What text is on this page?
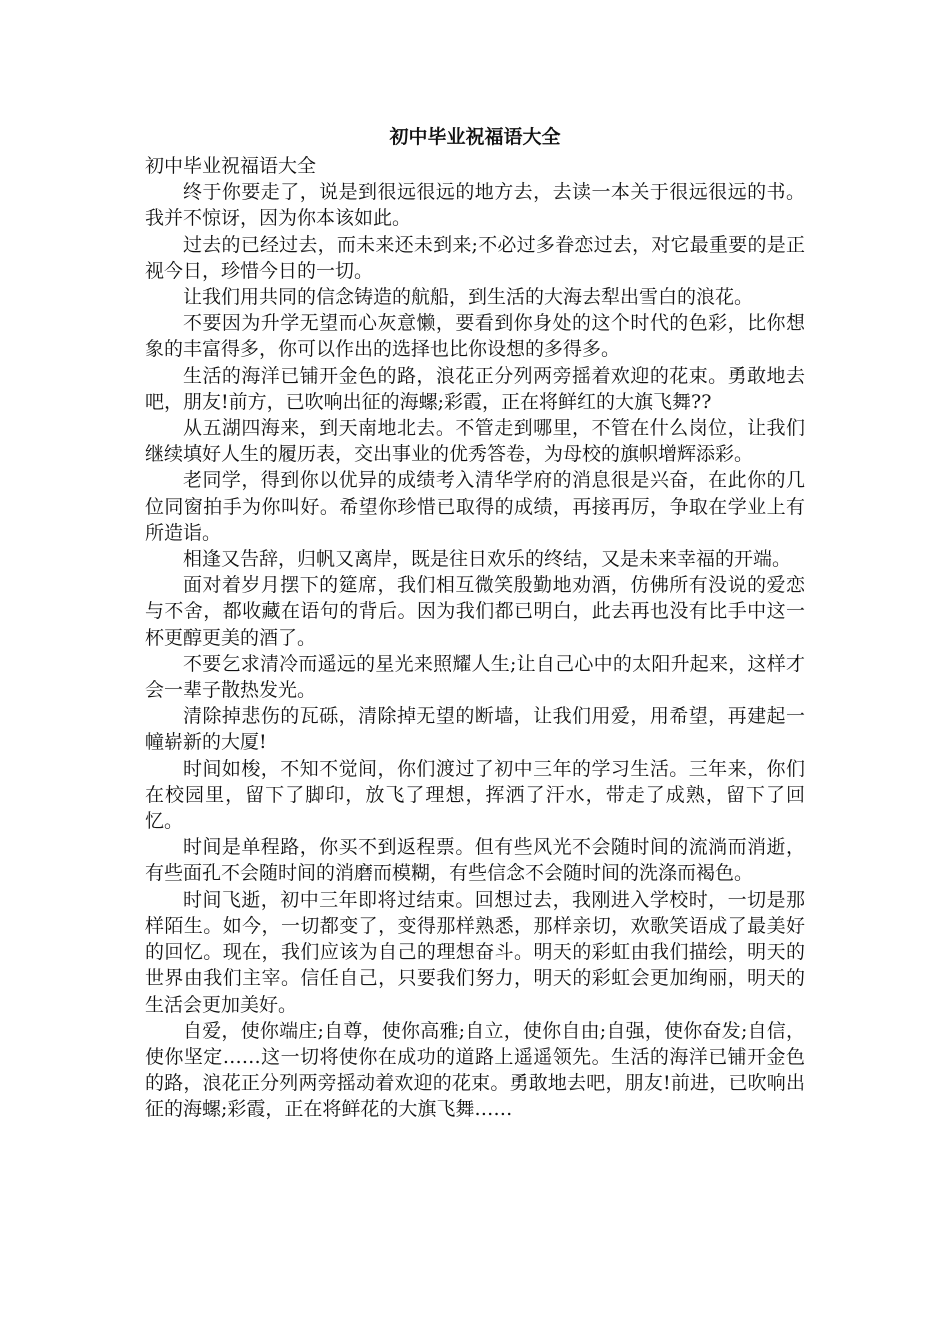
初中毕业祝福语大全

初中毕业祝福语大全

终于你要走了，说是到很远很远的地方去，去读一本关于很远很远的书。我并不惊讶，因为你本该如此。

过去的已经过去，而未来还未到来;不必过多眷恋过去，对它最重要的是正视今日，珍惜今日的一切。

让我们用共同的信念铸造的航船，到生活的大海去犁出雪白的浪花。

不要因为升学无望而心灰意懒，要看到你身处的这个时代的色彩，比你想象的丰富得多，你可以作出的选择也比你设想的多得多。

生活的海洋已铺开金色的路，浪花正分列两旁摇着欢迎的花束。勇敢地去吧，朋友!前方，已吹响出征的海螺;彩霞，正在将鲜红的大旗飞舞??

从五湖四海来，到天南地北去。不管走到哪里，不管在什么岗位，让我们继续填好人生的履历表，交出事业的优秀答卷，为母校的旗帜增辉添彩。

老同学，得到你以优异的成绩考入清华学府的消息很是兴奋，在此你的几位同窗拍手为你叫好。希望你珍惜已取得的成绩，再接再厉，争取在学业上有所造诣。

相逢又告辞，归帆又离岸，既是往日欢乐的终结，又是未来幸福的开端。

面对着岁月摆下的筵席，我们相互微笑殷勤地劝酒，仿佛所有没说的爱恋与不舍，都收藏在语句的背后。因为我们都已明白，此去再也没有比手中这一杯更醇更美的酒了。

不要乞求清冷而遥远的星光来照耀人生;让自己心中的太阳升起来，这样才会一辈子散热发光。

清除掉悲伤的瓦砾，清除掉无望的断墙，让我们用爱，用希望，再建起一幢崭新的大厦!

时间如梭，不知不觉间，你们渡过了初中三年的学习生活。三年来，你们在校园里，留下了脚印，放飞了理想，挥洒了汗水，带走了成熟，留下了回忆。

时间是单程路，你买不到返程票。但有些风光不会随时间的流淌而消逝，有些面孔不会随时间的消磨而模糊，有些信念不会随时间的洗涤而褐色。

时间飞逝，初中三年即将过结束。回想过去，我刚进入学校时，一切是那样陌生。如今，一切都变了，变得那样熟悉，那样亲切，欢歌笑语成了最美好的回忆。现在，我们应该为自己的理想奋斗。明天的彩虹由我们描绘，明天的世界由我们主宰。信任自己，只要我们努力，明天的彩虹会更加绚丽，明天的生活会更加美好。

自爱，使你端庄;自尊，使你高雅;自立，使你自由;自强，使你奋发;自信，使你坚定……这一切将使你在成功的道路上遥遥领先。生活的海洋已铺开金色的路，浪花正分列两旁摇动着欢迎的花束。勇敢地去吧，朋友!前进，已吹响出征的海螺;彩霞，正在将鲜花的大旗飞舞……
